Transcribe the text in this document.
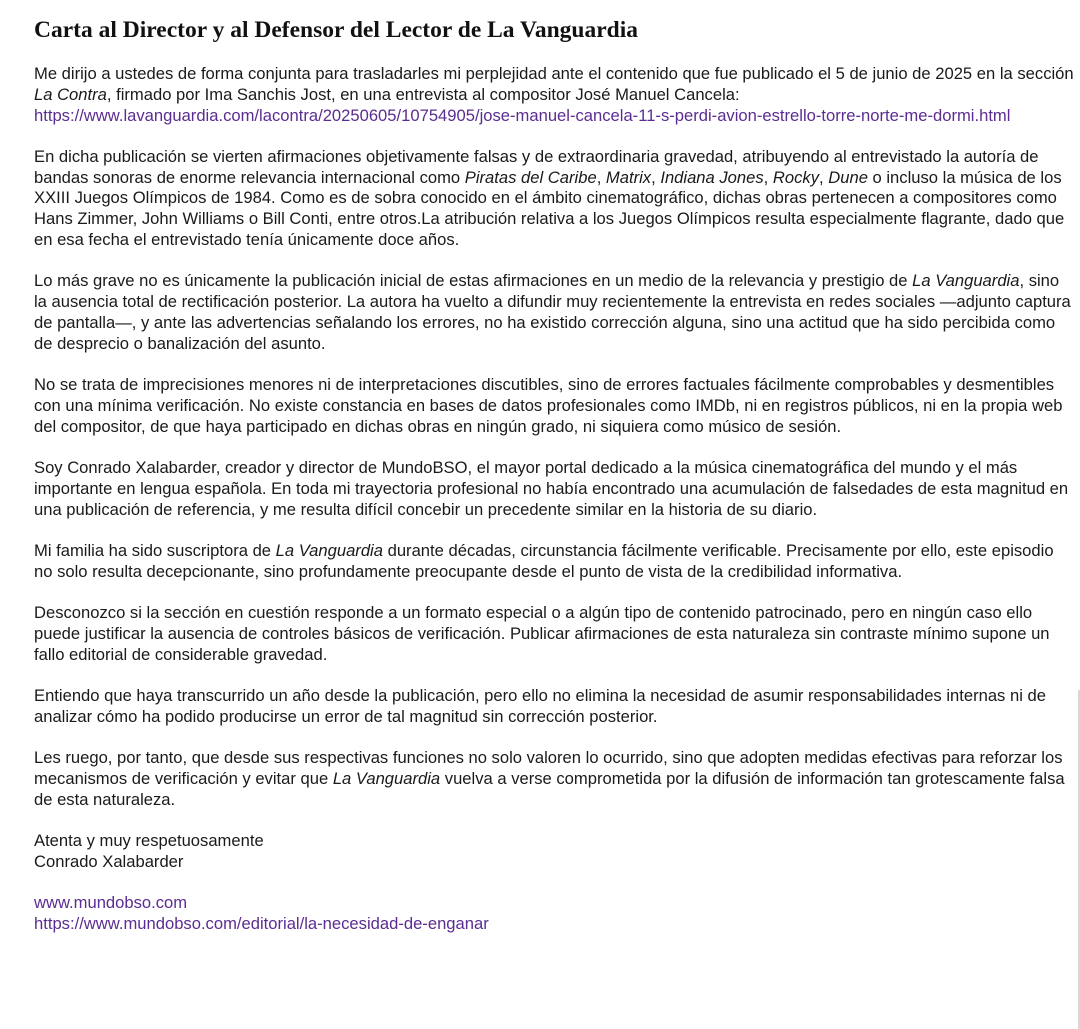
Carta al Director y al Defensor del Lector de La Vanguardia

Me dirijo a ustedes de forma conjunta para trasladarles mi perplejidad ante el contenido que fue publicado el 5 de junio de 2025 en la sección La Contra, firmado por Ima Sanchis Jost, en una entrevista al compositor José Manuel Cancela: https://www.lavanguardia.com/lacontra/20250605/10754905/jose-manuel-cancela-11-s-perdi-avion-estrello-torre-norte-me-dormi.html

En dicha publicación se vierten afirmaciones objetivamente falsas y de extraordinaria gravedad, atribuyendo al entrevistado la autoría de bandas sonoras de enorme relevancia internacional como Piratas del Caribe, Matrix, Indiana Jones, Rocky, Dune o incluso la música de los XXIII Juegos Olímpicos de 1984. Como es de sobra conocido en el ámbito cinematográfico, dichas obras pertenecen a compositores como Hans Zimmer, John Williams o Bill Conti, entre otros.La atribución relativa a los Juegos Olímpicos resulta especialmente flagrante, dado que en esa fecha el entrevistado tenía únicamente doce años.

Lo más grave no es únicamente la publicación inicial de estas afirmaciones en un medio de la relevancia y prestigio de La Vanguardia, sino la ausencia total de rectificación posterior. La autora ha vuelto a difundir muy recientemente la entrevista en redes sociales —adjunto captura de pantalla—, y ante las advertencias señalando los errores, no ha existido corrección alguna, sino una actitud que ha sido percibida como de desprecio o banalización del asunto.

No se trata de imprecisiones menores ni de interpretaciones discutibles, sino de errores factuales fácilmente comprobables y desmentibles con una mínima verificación. No existe constancia en bases de datos profesionales como IMDb, ni en registros públicos, ni en la propia web del compositor, de que haya participado en dichas obras en ningún grado, ni siquiera como músico de sesión.

Soy Conrado Xalabarder, creador y director de MundoBSO, el mayor portal dedicado a la música cinematográfica del mundo y el más importante en lengua española. En toda mi trayectoria profesional no había encontrado una acumulación de falsedades de esta magnitud en una publicación de referencia, y me resulta difícil concebir un precedente similar en la historia de su diario.

Mi familia ha sido suscriptora de La Vanguardia durante décadas, circunstancia fácilmente verificable. Precisamente por ello, este episodio no solo resulta decepcionante, sino profundamente preocupante desde el punto de vista de la credibilidad informativa.

Desconozco si la sección en cuestión responde a un formato especial o a algún tipo de contenido patrocinado, pero en ningún caso ello puede justificar la ausencia de controles básicos de verificación. Publicar afirmaciones de esta naturaleza sin contraste mínimo supone un fallo editorial de considerable gravedad.

Entiendo que haya transcurrido un año desde la publicación, pero ello no elimina la necesidad de asumir responsabilidades internas ni de analizar cómo ha podido producirse un error de tal magnitud sin corrección posterior.

Les ruego, por tanto, que desde sus respectivas funciones no solo valoren lo ocurrido, sino que adopten medidas efectivas para reforzar los mecanismos de verificación y evitar que La Vanguardia vuelva a verse comprometida por la difusión de información tan grotescamente falsa de esta naturaleza.

Atenta y muy respetuosamente
Conrado Xalabarder

www.mundobso.com
https://www.mundobso.com/editorial/la-necesidad-de-enganar
